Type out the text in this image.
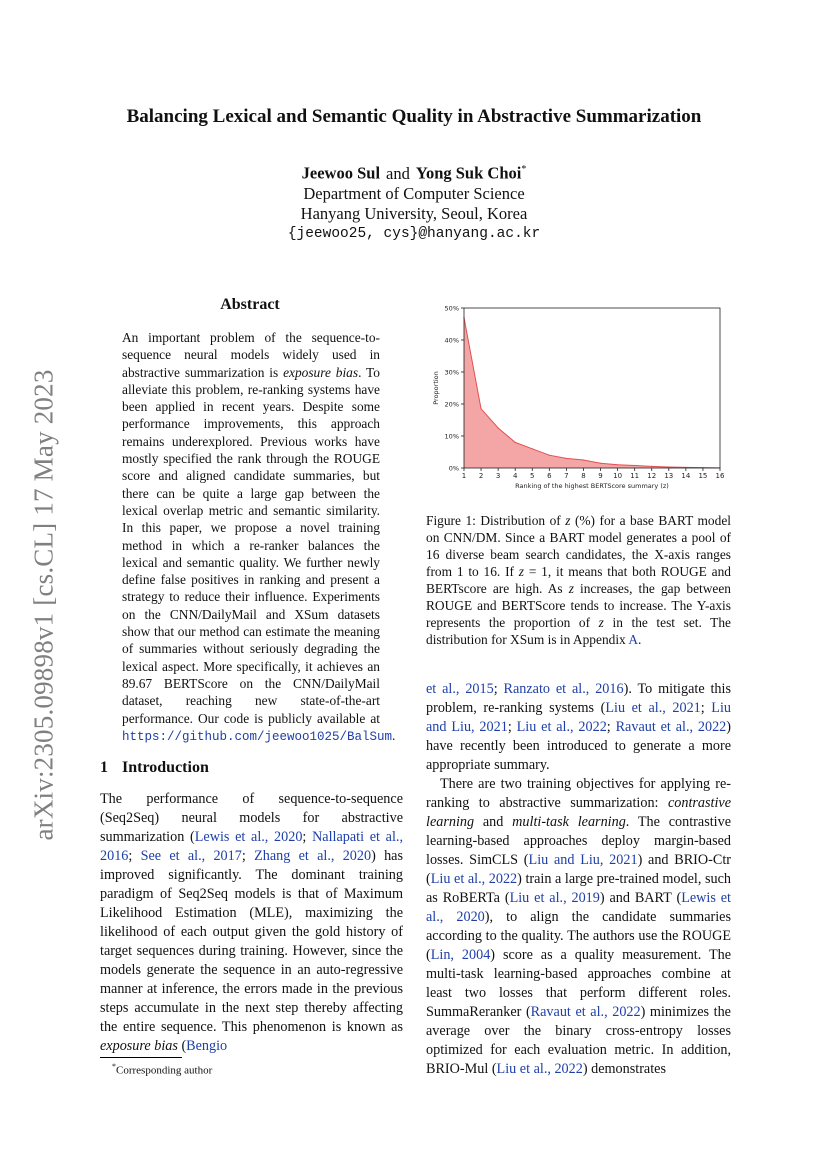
arXiv:2305.09898v1 [cs.CL] 17 May 2023
Balancing Lexical and Semantic Quality in Abstractive Summarization
Jeewoo Sul and Yong Suk Choi*
Department of Computer Science
Hanyang University, Seoul, Korea
{jeewoo25, cys}@hanyang.ac.kr
Abstract
An important problem of the sequence-to-sequence neural models widely used in abstractive summarization is exposure bias. To alleviate this problem, re-ranking systems have been applied in recent years. Despite some performance improvements, this approach remains underexplored. Previous works have mostly specified the rank through the ROUGE score and aligned candidate summaries, but there can be quite a large gap between the lexical overlap metric and semantic similarity. In this paper, we propose a novel training method in which a re-ranker balances the lexical and semantic quality. We further newly define false positives in ranking and present a strategy to reduce their influence. Experiments on the CNN/DailyMail and XSum datasets show that our method can estimate the meaning of summaries without seriously degrading the lexical aspect. More specifically, it achieves an 89.67 BERTScore on the CNN/DailyMail dataset, reaching new state-of-the-art performance. Our code is publicly available at https://github.com/jeewoo1025/BalSum.
1 Introduction
The performance of sequence-to-sequence (Seq2Seq) neural models for abstractive summarization (Lewis et al., 2020; Nallapati et al., 2016; See et al., 2017; Zhang et al., 2020) has improved significantly. The dominant training paradigm of Seq2Seq models is that of Maximum Likelihood Estimation (MLE), maximizing the likelihood of each output given the gold history of target sequences during training. However, since the models generate the sequence in an auto-regressive manner at inference, the errors made in the previous steps accumulate in the next step thereby affecting the entire sequence. This phenomenon is known as exposure bias (Bengio
*Corresponding author
0%
10%
20%
30%
40%
50%
1 2 3 4 5 6 7 8 9 10 11 12 13 14 15 16
Ranking of the highest BERTScore summary (z)
Proportion
Figure 1: Distribution of z (%) for a base BART model on CNN/DM. Since a BART model generates a pool of 16 diverse beam search candidates, the X-axis ranges from 1 to 16. If z = 1, it means that both ROUGE and BERTscore are high. As z increases, the gap between ROUGE and BERTScore tends to increase. The Y-axis represents the proportion of z in the test set. The distribution for XSum is in Appendix A.
et al., 2015; Ranzato et al., 2016). To mitigate this problem, re-ranking systems (Liu et al., 2021; Liu and Liu, 2021; Liu et al., 2022; Ravaut et al., 2022) have recently been introduced to generate a more appropriate summary.
There are two training objectives for applying re-ranking to abstractive summarization: contrastive learning and multi-task learning. The contrastive learning-based approaches deploy margin-based losses. SimCLS (Liu and Liu, 2021) and BRIO-Ctr (Liu et al., 2022) train a large pre-trained model, such as RoBERTa (Liu et al., 2019) and BART (Lewis et al., 2020), to align the candidate summaries according to the quality. The authors use the ROUGE (Lin, 2004) score as a quality measurement. The multi-task learning-based approaches combine at least two losses that perform different roles. SummaReranker (Ravaut et al., 2022) minimizes the average over the binary cross-entropy losses optimized for each evaluation metric. In addition, BRIO-Mul (Liu et al., 2022) demonstrates
